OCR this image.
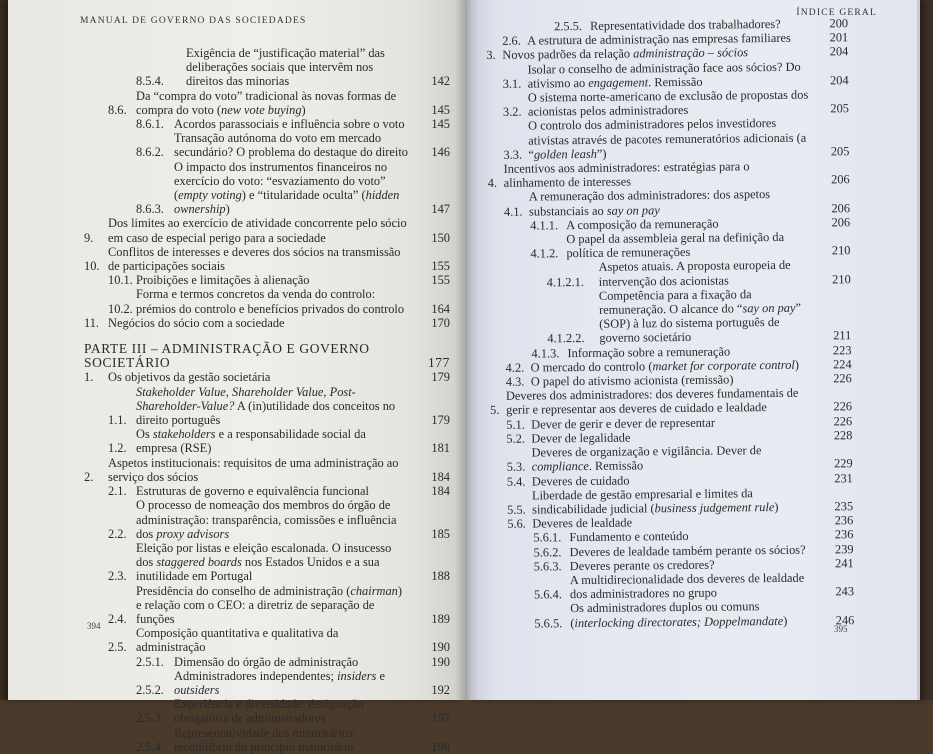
MANUAL DE GOVERNO DAS SOCIEDADES
8.5.4.
Exigência de “justificação material” das deliberações sociais que intervêm nos direitos das minorias	142
8.6.
Da “compra do voto” tradicional às novas formas de compra do voto (new vote buying)	145
8.6.1. Acordos parassociais e influência sobre o voto	145
8.6.2.
Transação autónoma do voto em mercado secundário? O problema do destaque do direito	146
8.6.3.
O impacto dos instrumentos financeiros no exercício do voto: “esvaziamento do voto” (empty voting) e “titularidade oculta” (hidden ownership)	147
9.
Dos limites ao exercício de atividade concorrente pelo sócio em caso de especial perigo para a sociedade	150
10.
Conflitos de interesses e deveres dos sócios na transmissão de participações sociais	155
10.1. Proibições e limitações à alienação	155
10.2.
Forma e termos concretos da venda do controlo: prémios do controlo e benefícios privados do controlo	164
11. Negócios do sócio com a sociedade	170
PARTE III – ADMINISTRAÇÃO E GOVERNO SOCIETÁRIO	177
1.	Os objetivos da gestão societária	179
1.1.
Stakeholder Value, Shareholder Value, Post-Shareholder-Value? A (in)utilidade dos conceitos no direito português	179
1.2.
Os stakeholders e a responsabilidade social da empresa (RSE)	181
2.
Aspetos institucionais: requisitos de uma administração ao serviço dos sócios	184
2.1. Estruturas de governo e equivalência funcional	184
2.2.
O processo de nomeação dos membros do órgão de administração: transparência, comissões e influência dos proxy advisors	185
2.3.
Eleição por listas e eleição escalonada. O insucesso dos staggered boards nos Estados Unidos e a sua inutilidade em Portugal	188
2.4.
Presidência do conselho de administração (chairman) e relação com o CEO: a diretriz de separação de funções	189
2.5.
Composição quantitativa e qualitativa da administração	190
2.5.1. Dimensão do órgão de administração	190
2.5.2.
Administradores independentes; insiders e outsiders	192
2.5.3.
Experiência e diversidade: designação obrigatória de administradores	197
2.5.4.
Representatividade dos minoritários: reequilíbrio do princípio maioritário	198
394
ÍNDICE GERAL
2.5.5. Representatividade dos trabalhadores?	200
2.6. A estrutura de administração nas empresas familiares	201
3. Novos padrões da relação administração – sócios	204
3.1.
Isolar o conselho de administração face aos sócios? Do ativismo ao engagement. Remissão	204
3.2.
O sistema norte-americano de exclusão de propostas dos acionistas pelos administradores	205
3.3.
O controlo dos administradores pelos investidores ativistas através de pacotes remuneratórios adicionais (a “golden leash”)	205
4.
Incentivos aos administradores: estratégias para o alinhamento de interesses	206
4.1.
A remuneração dos administradores: dos aspetos substanciais ao say on pay	206
4.1.1. A composição da remuneração	206
4.1.2.
O papel da assembleia geral na definição da política de remunerações	210
4.1.2.1.
Aspetos atuais. A proposta europeia de intervenção dos acionistas	210
4.1.2.2.
Competência para a fixação da remuneração. O alcance do “say on pay” (SOP) à luz do sistema português de governo societário	211
4.1.3. Informação sobre a remuneração	223
4.2. O mercado do controlo (market for corporate control)	224
4.3. O papel do ativismo acionista (remissão)	226
5.
Deveres dos administradores: dos deveres fundamentais de gerir e representar aos deveres de cuidado e lealdade	226
5.1. Dever de gerir e dever de representar	226
5.2. Dever de legalidade	228
5.3.
Deveres de organização e vigilância. Dever de compliance. Remissão	229
5.4. Deveres de cuidado	231
5.5.
Liberdade de gestão empresarial e limites da sindicabilidade judicial (business judgement rule)	235
5.6. Deveres de lealdade	236
5.6.1. Fundamento e conteúdo	236
5.6.2. Deveres de lealdade também perante os sócios?	239
5.6.3. Deveres perante os credores?	241
5.6.4.
A multidirecionalidade dos deveres de lealdade dos administradores no grupo	243
5.6.5.
Os administradores duplos ou comuns (interlocking directorates; Doppelmandate)	246
395
